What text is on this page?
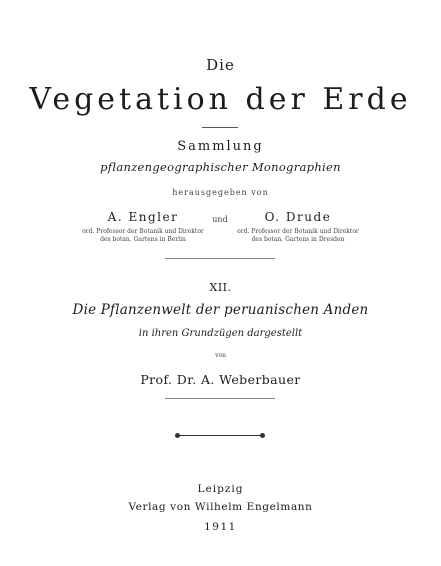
Die
Vegetation der Erde
Sammlung
pflanzengeographischer Monographien
herausgegeben von
A. Engler
ord. Professor der Botanik und Direktor
des botan. Gartens in Berlin
und	O. Drude
ord. Professor der Botanik und Direktor
des botan. Gartens in Dresden
XII.
Die Pflanzenwelt der peruanischen Anden
in ihren Grundzügen dargestellt
von
Prof. Dr. A. Weberbauer
Leipzig
Verlag von Wilhelm Engelmann
1911
